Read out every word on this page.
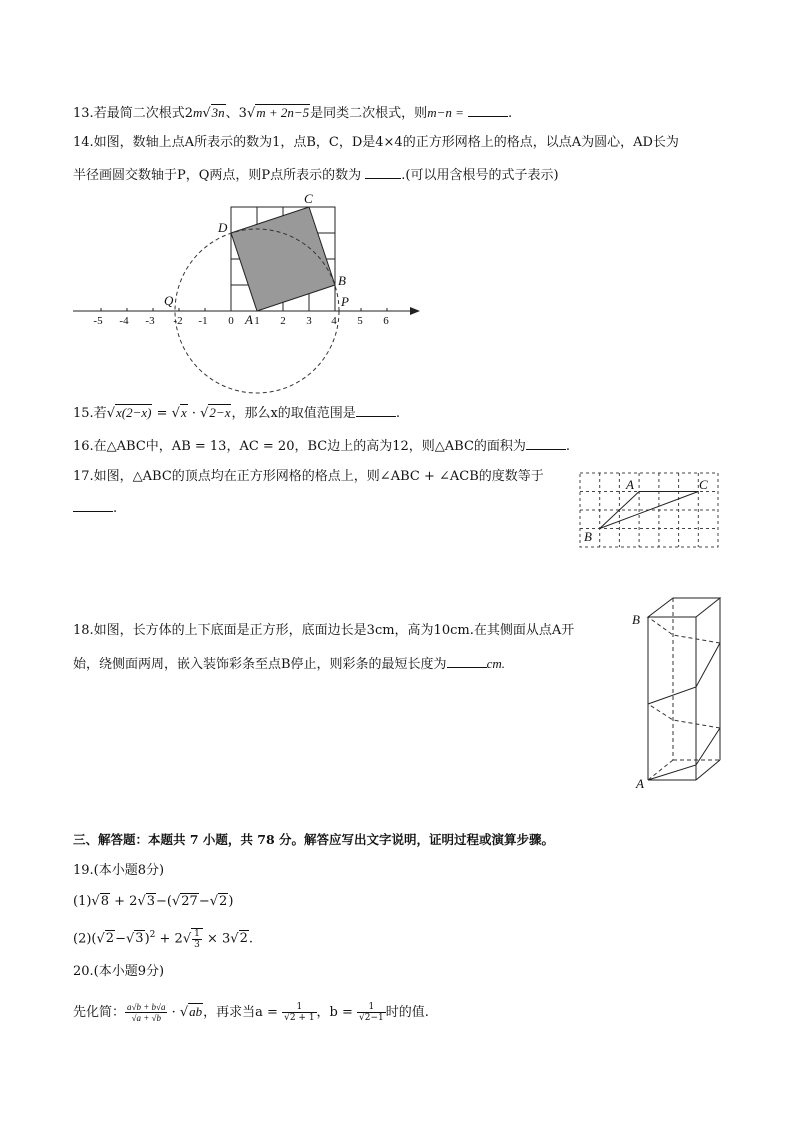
13.若最简二次根式2m√3n、3√m + 2n−5是同类二次根式，则m−n =	.
14.如图，数轴上点A所表示的数为1，点B，C，D是4×4的正方形网格上的格点，以点A为圆心，AD长为
半径画圆交数轴于P，Q两点，则P点所表示的数为	.(可以用含根号的式子表示)
-5 -4 -3 -2 -1 0 1 2 3 4 5 6
C
D
B
Q	P
A
15.若√x(2−x) = √x · √2−x，那么x的取值范围是	.
16.在△ABC中，AB = 13，AC = 20，BC边上的高为12，则△ABC的面积为	.
17.如图，△ABC的顶点均在正方形网格的格点上，则∠ABC + ∠ACB的度数等于
.
A	C
B
18.如图，长方体的上下底面是正方形，底面边长是3cm，高为10cm.在其侧面从点A开
始，绕侧面两周，嵌入装饰彩条至点B停止，则彩条的最短长度为	cm.
B
A
三、解答题：本题共 7 小题，共 78 分。解答应写出文字说明，证明过程或演算步骤。
19.(本小题8分)
(1)√8 + 2√3−(√27−√2)
$(2)(√2-√3)^2 + 2√ \frac{1}{3} \times 3√2$.
20.(本小题9分)
先化简： $\frac{a√b + b√a}{√a + √b} \cdot √ab$，再求当$a = \frac{1}{√2 + 1}$ ，$b = \frac{1}{√2-1}$ 时的值.
